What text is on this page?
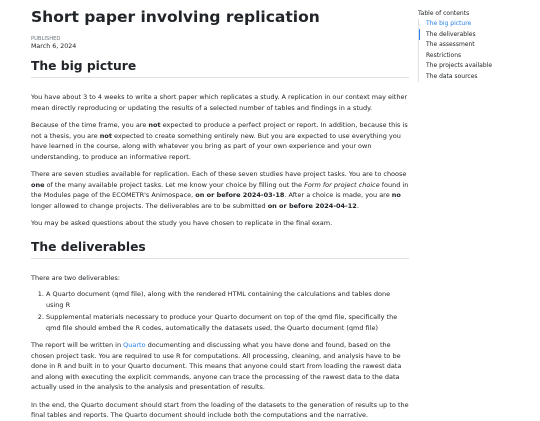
Short paper involving replication
PUBLISHED
March 6, 2024
The big picture

You have about 3 to 4 weeks to write a short paper which replicates a study. A replication in our context may either mean directly reproducing or updating the results of a selected number of tables and findings in a study.

Because of the time frame, you are not expected to produce a perfect project or report. In addition, because this is not a thesis, you are not expected to create something entirely new. But you are expected to use everything you have learned in the course, along with whatever you bring as part of your own experience and your own understanding, to produce an informative report.

There are seven studies available for replication. Each of these seven studies have project tasks. You are to choose one of the many available project tasks. Let me know your choice by filling out the Form for project choice found in the Modules page of the ECOMETR's Animospace, on or before 2024-03-18. After a choice is made, you are no longer allowed to change projects. The deliverables are to be submitted on or before 2024-04-12.

You may be asked questions about the study you have chosen to replicate in the final exam.

The deliverables

There are two deliverables:

1. A Quarto document (qmd file), along with the rendered HTML containing the calculations and tables done using R
2. Supplemental materials necessary to produce your Quarto document on top of the qmd file, specifically the qmd file should embed the R codes, automatically the datasets used, the Quarto document (qmd file)

The report will be written in Quarto documenting and discussing what you have done and found, based on the chosen project task. You are required to use R for computations. All processing, cleaning, and analysis have to be done in R and built in to your Quarto document. This means that anyone could start from loading the rawest data and along with executing the explicit commands, anyone can trace the processing of the rawest data to the data actually used in the analysis to the analysis and presentation of results.

In the end, the Quarto document should start from the loading of the datasets to the generation of results up to the final tables and reports. The Quarto document should include both the computations and the narrative.

Table of contents
The big picture
The deliverables
The assessment
Restrictions
The projects available
The data sources
